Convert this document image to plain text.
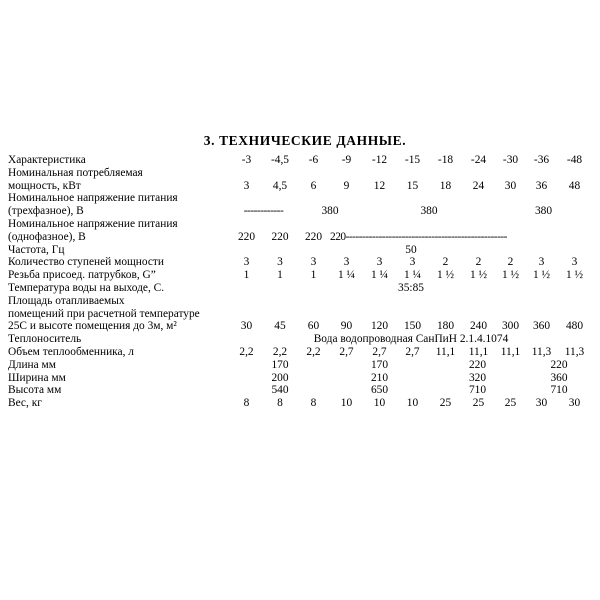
3. ТЕХНИЧЕСКИЕ ДАННЫЕ.
Характеристика	-3	-4,5	-6	-9	-12	-15	-18	-24	-30	-36	-48

Номинальная потребляемая
мощность, кВт	3	4,5	6	9	12	15	18	24	30	36	48

Номинальное напряжение питания
(трехфазное), В	------------		380		380				380		

Номинальное напряжение питания
(однофазное), В	220	220	220	220-------------------------------------------------							
Частота, Гц	50										
Количество ступеней мощности	3	3	3	3	3	3	2	2	2	3	3
Резьба присоед. патрубков, G”	1	1	1	1 ¼	1 ¼	1 ¼	1 ½	1 ½	1 ½	1 ½	1 ½
Температура воды на выходе, С.	35:85										

Площадь отапливаемых
помещений при расчетной температуре
25С и высоте помещения до 3м, м²	30	45	60	90	120	150	180	240	300	360	480
Теплоноситель	Вода водопроводная СанПиН 2.1.4.1074										
Объем теплообменника, л	2,2	2,2	2,2	2,7	2,7	2,7	11,1	11,1	11,1	11,3	11,3
Длина мм	170			170			220			220	
Ширина мм	200			210			320			360	
Высота мм	540			650			710			710	
Вес, кг	8	8	8	10	10	10	25	25	25	30	30
